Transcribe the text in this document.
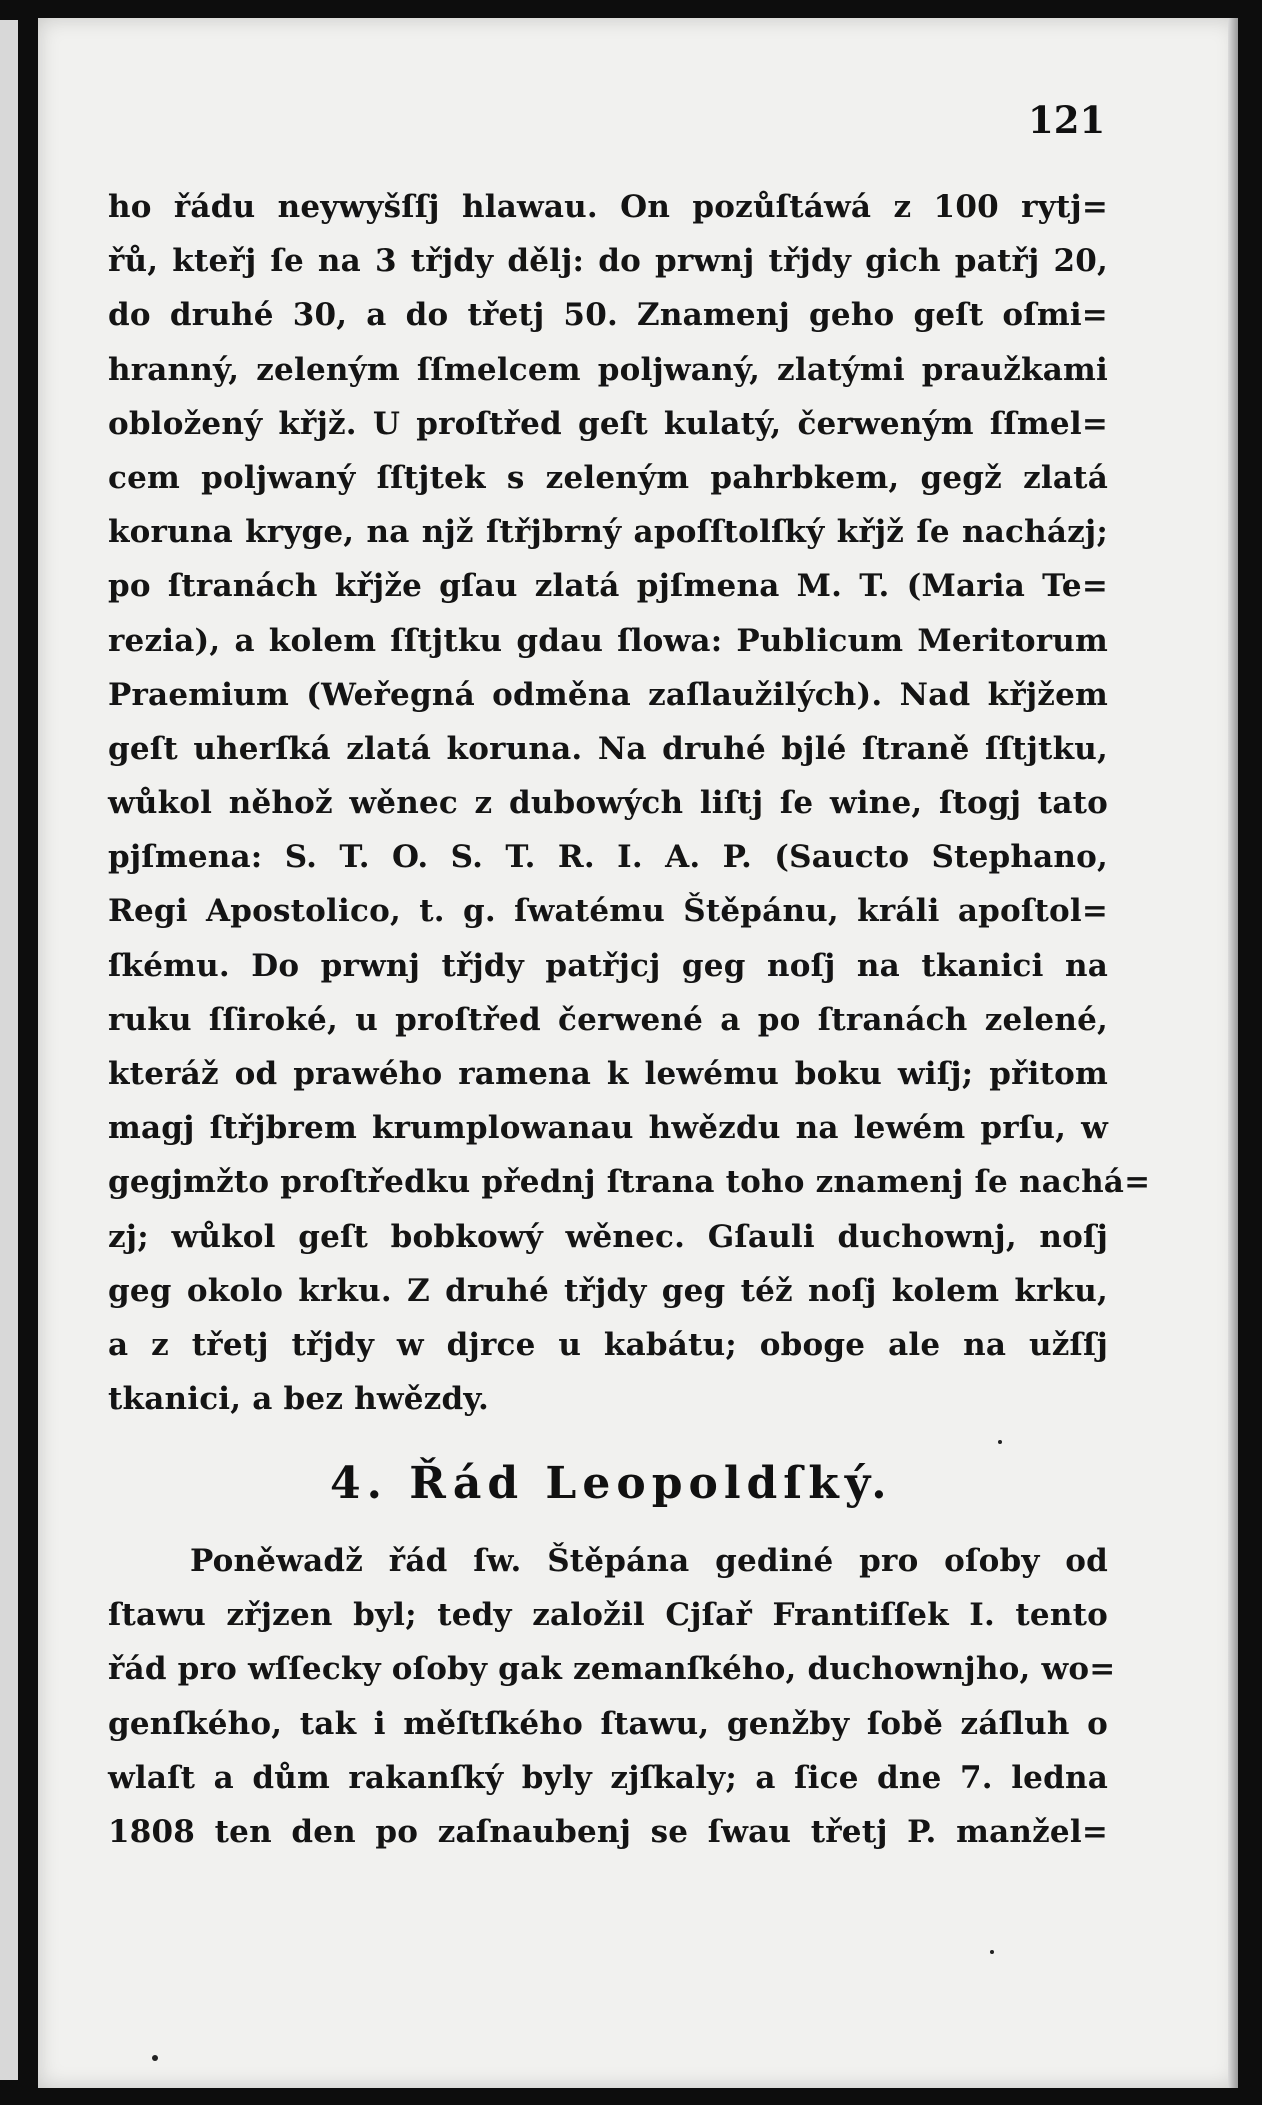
121
ho řádu neywyšſſj hlawau. On pozůſtáwá z 100 rytj=
řů, kteřj ſe na 3 třjdy dělj: do prwnj třjdy gich patřj 20,
do druhé 30, a do třetj 50. Znamenj geho geſt oſmi=
hranný, zeleným ſſmelcem polјwaný, zlatými praužkami
obložený křjž. U proſtřed geſt kulatý, čerweným ſſmel=
cem polјwaný ſſtjtek s zeleným pahrbkem, gegž zlatá
koruna kryge, na njž ſtřjbrný apoſſtolſký křjž ſe nacházj;
po ſtranách křjže gſau zlatá pjſmena M. T. (Maria Te=
rezia), a kolem ſſtjtku gdau ſlowa: Publicum Meritorum
Praemium (Weřegná odměna zaſlaužilých). Nad křjžem
geſt uherſká zlatá koruna. Na druhé bjlé ſtraně ſſtjtku,
wůkol něhož wěnec z dubowých liſtj ſe wine, ſtogj tato
pjſmena: S. T. O. S. T. R. I. A. P. (Saucto Stephano,
Regi Apostolico, t. g. ſwatému Štěpánu, králi apoſtol=
ſkému. Do prwnj třjdy patřjcj geg noſj na tkanici na
ruku ſſiroké, u proſtřed čerwené a po ſtranách zelené,
kteráž od prawého ramena k lewému boku wiſj; přitom
magj ſtřjbrem krumplowanau hwězdu na lewém prſu, w
gegjmžto proſtředku přednj ſtrana toho znamenj ſe nachá=
zj; wůkol geſt bobkowý wěnec. Gſauli duchownj, noſj
geg okolo krku. Z druhé třjdy geg též noſj kolem krku,
a z třetj třjdy w djrce u kabátu; oboge ale na užſſj
tkanici, a bez hwězdy.
4. Řád Leopoldſký.
Poněwadž řád ſw. Štěpána gediné pro oſoby od
ſtawu zřjzen byl; tedy založil Cjſař Frantiſſek I. tento
řád pro wſſecky oſoby gak zemanſkého, duchownjho, wo=
genſkého, tak i měſtſkého ſtawu, genžby ſobě záſluh o
wlaſt a dům rakanſký byly zjſkaly; a ſice dne 7. ledna
1808 ten den po zaſnaubenj se ſwau třetj P. manžel=
